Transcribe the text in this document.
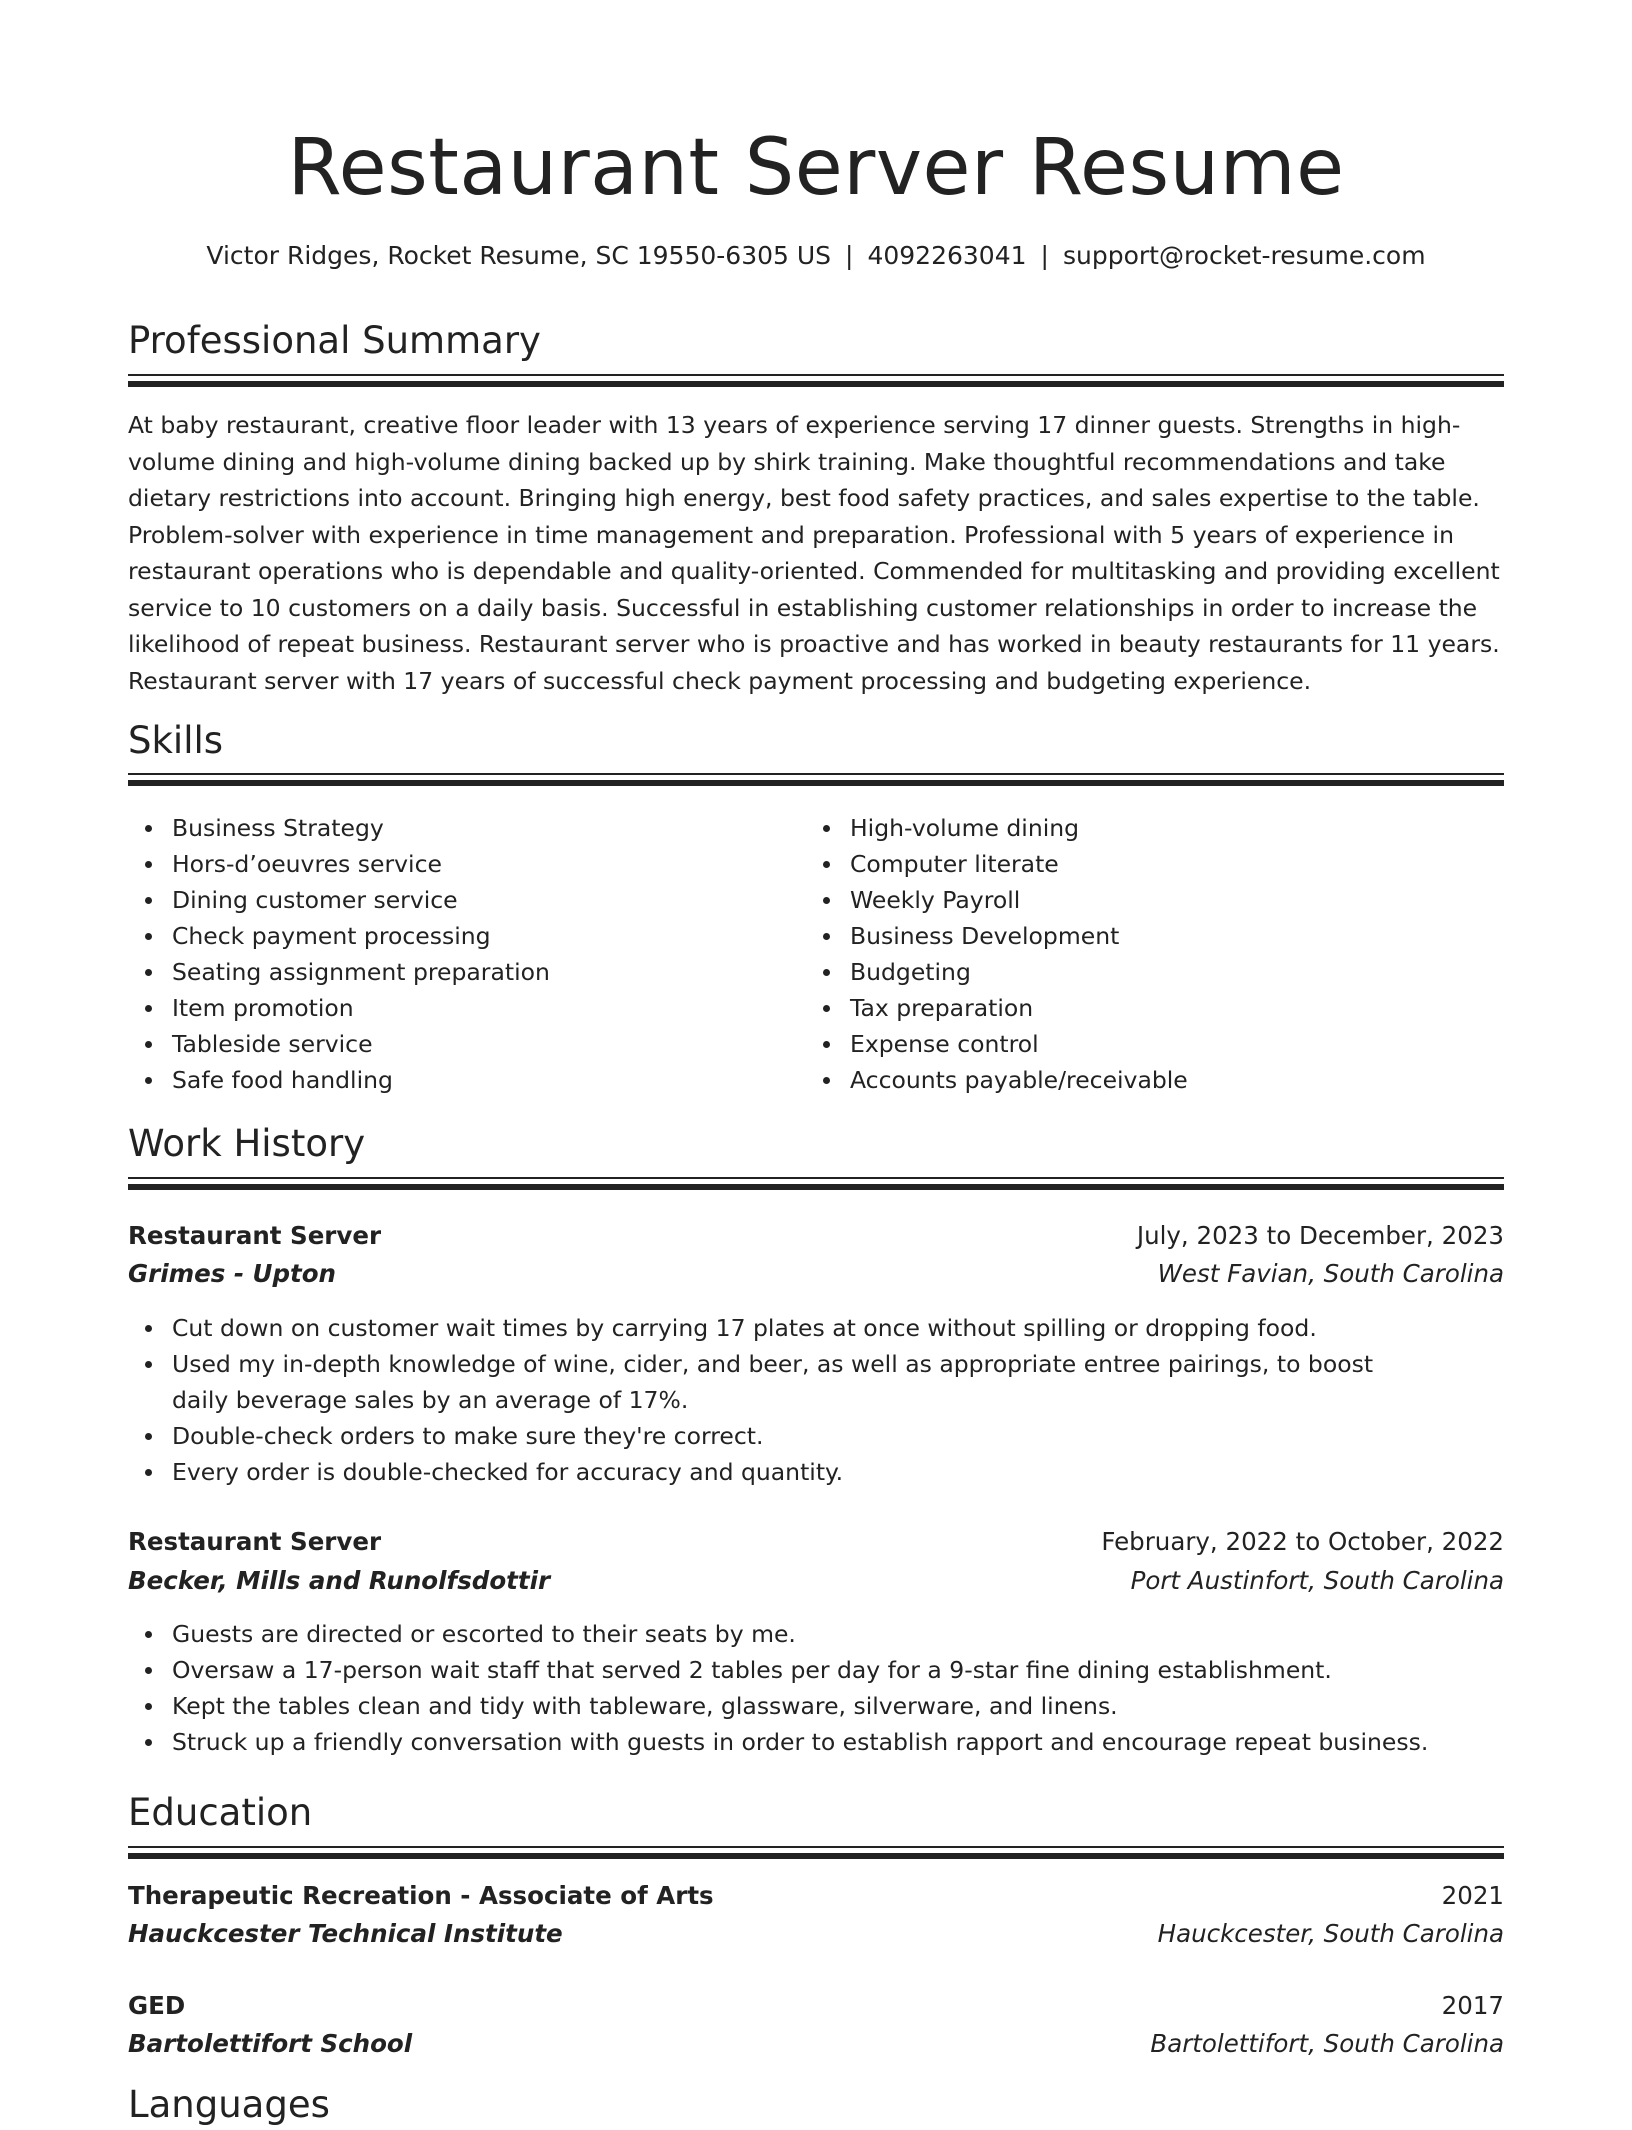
Restaurant Server Resume
Victor Ridges, Rocket Resume, SC 19550-6305 US | 4092263041 | support@rocket-resume.com
Professional Summary

At baby restaurant, creative floor leader with 13 years of experience serving 17 dinner guests. Strengths in high-volume dining and high-volume dining backed up by shirk training. Make thoughtful recommendations and take dietary restrictions into account. Bringing high energy, best food safety practices, and sales expertise to the table. Problem-solver with experience in time management and preparation. Professional with 5 years of experience in restaurant operations who is dependable and quality-oriented. Commended for multitasking and providing excellent service to 10 customers on a daily basis. Successful in establishing customer relationships in order to increase the likelihood of repeat business. Restaurant server who is proactive and has worked in beauty restaurants for 11 years. Restaurant server with 17 years of successful check payment processing and budgeting experience.

Skills
Business Strategy
Hors-d’oeuvres service
Dining customer service
Check payment processing
Seating assignment preparation
Item promotion
Tableside service
Safe food handling
High-volume dining
Computer literate
Weekly Payroll
Business Development
Budgeting
Tax preparation
Expense control
Accounts payable/receivable
Work History
Restaurant Server	July, 2023 to December, 2023
Grimes - Upton	West Favian, South Carolina
Cut down on customer wait times by carrying 17 plates at once without spilling or dropping food.
Used my in-depth knowledge of wine, cider, and beer, as well as appropriate entree pairings, to boost daily beverage sales by an average of 17%.
Double-check orders to make sure they're correct.
Every order is double-checked for accuracy and quantity.
Restaurant Server	February, 2022 to October, 2022
Becker, Mills and Runolfsdottir	Port Austinfort, South Carolina
Guests are directed or escorted to their seats by me.
Oversaw a 17-person wait staff that served 2 tables per day for a 9-star fine dining establishment.
Kept the tables clean and tidy with tableware, glassware, silverware, and linens.
Struck up a friendly conversation with guests in order to establish rapport and encourage repeat business.
Education
Therapeutic Recreation - Associate of Arts	2021
Hauckcester Technical Institute	Hauckcester, South Carolina
GED	2017
Bartolettifort School	Bartolettifort, South Carolina
Languages
